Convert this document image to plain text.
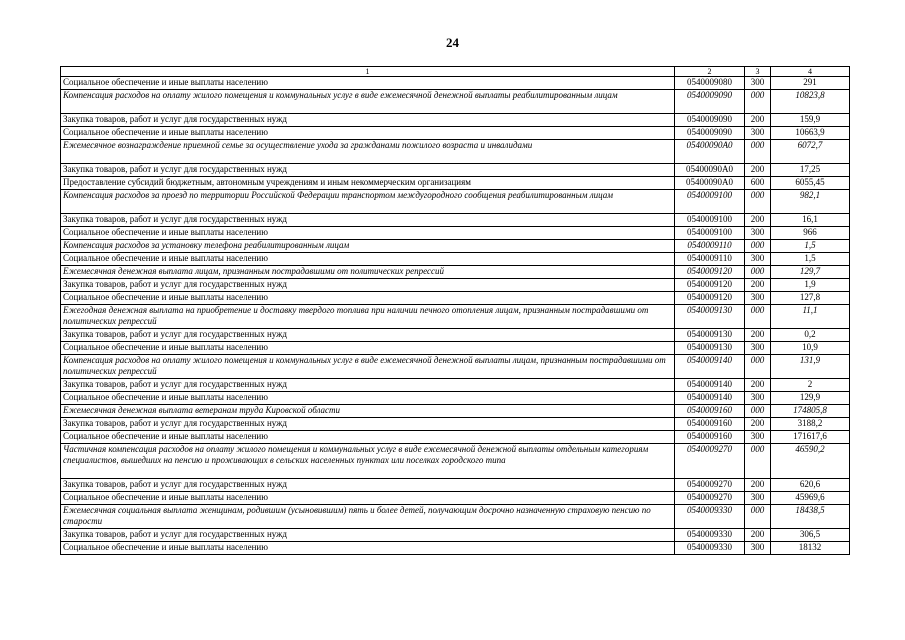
24
1	2	3	4
Социальное обеспечение и иные выплаты населению	0540009080	300	291
Компенсация расходов на оплату жилого помещения и коммунальных услуг в виде ежемесячной денежной выплаты реабилитированным лицам	0540009090	000	10823,8
Закупка товаров, работ и услуг для государственных нужд	0540009090	200	159,9
Социальное обеспечение и иные выплаты населению	0540009090	300	10663,9
Ежемесячное вознаграждение приемной семье за осуществление ухода за гражданами пожилого возраста и инвалидами	05400090А0	000	6072,7
Закупка товаров, работ и услуг для государственных нужд	05400090А0	200	17,25
Предоставление субсидий бюджетным, автономным учреждениям и иным некоммерческим организациям	05400090А0	600	6055,45
Компенсация расходов за проезд по территории Российской Федерации транспортом междугородного сообщения реабилитированным лицам	0540009100	000	982,1
Закупка товаров, работ и услуг для государственных нужд	0540009100	200	16,1
Социальное обеспечение и иные выплаты населению	0540009100	300	966
Компенсация расходов за установку телефона реабилитированным лицам	0540009110	000	1,5
Социальное обеспечение и иные выплаты населению	0540009110	300	1,5
Ежемесячная денежная выплата лицам, признанным пострадавшими от политических репрессий	0540009120	000	129,7
Закупка товаров, работ и услуг для государственных нужд	0540009120	200	1,9
Социальное обеспечение и иные выплаты населению	0540009120	300	127,8
Ежегодная денежная выплата на приобретение и доставку твердого топлива при наличии печного отопления лицам, признанным пострадавшими от политических репрессий	0540009130	000	11,1
Закупка товаров, работ и услуг для государственных нужд	0540009130	200	0,2
Социальное обеспечение и иные выплаты населению	0540009130	300	10,9
Компенсация расходов на оплату жилого помещения и коммунальных услуг в виде ежемесячной денежной выплаты лицам, признанным пострадавшими от политических репрессий	0540009140	000	131,9
Закупка товаров, работ и услуг для государственных нужд	0540009140	200	2
Социальное обеспечение и иные выплаты населению	0540009140	300	129,9
Ежемесячная денежная выплата ветеранам труда Кировской области	0540009160	000	174805,8
Закупка товаров, работ и услуг для государственных нужд	0540009160	200	3188,2
Социальное обеспечение и иные выплаты населению	0540009160	300	171617,6
Частичная компенсация расходов на оплату жилого помещения и коммунальных услуг в виде ежемесячной денежной выплаты отдельным категориям специалистов, вышедших на пенсию и проживающих в сельских населенных пунктах или поселках городского типа	0540009270	000	46590,2
Закупка товаров, работ и услуг для государственных нужд	0540009270	200	620,6
Социальное обеспечение и иные выплаты населению	0540009270	300	45969,6
Ежемесячная социальная выплата женщинам, родившим (усыновившим) пять и более детей, получающим досрочно назначенную страховую пенсию по старости	0540009330	000	18438,5
Закупка товаров, работ и услуг для государственных нужд	0540009330	200	306,5
Социальное обеспечение и иные выплаты населению	0540009330	300	18132
